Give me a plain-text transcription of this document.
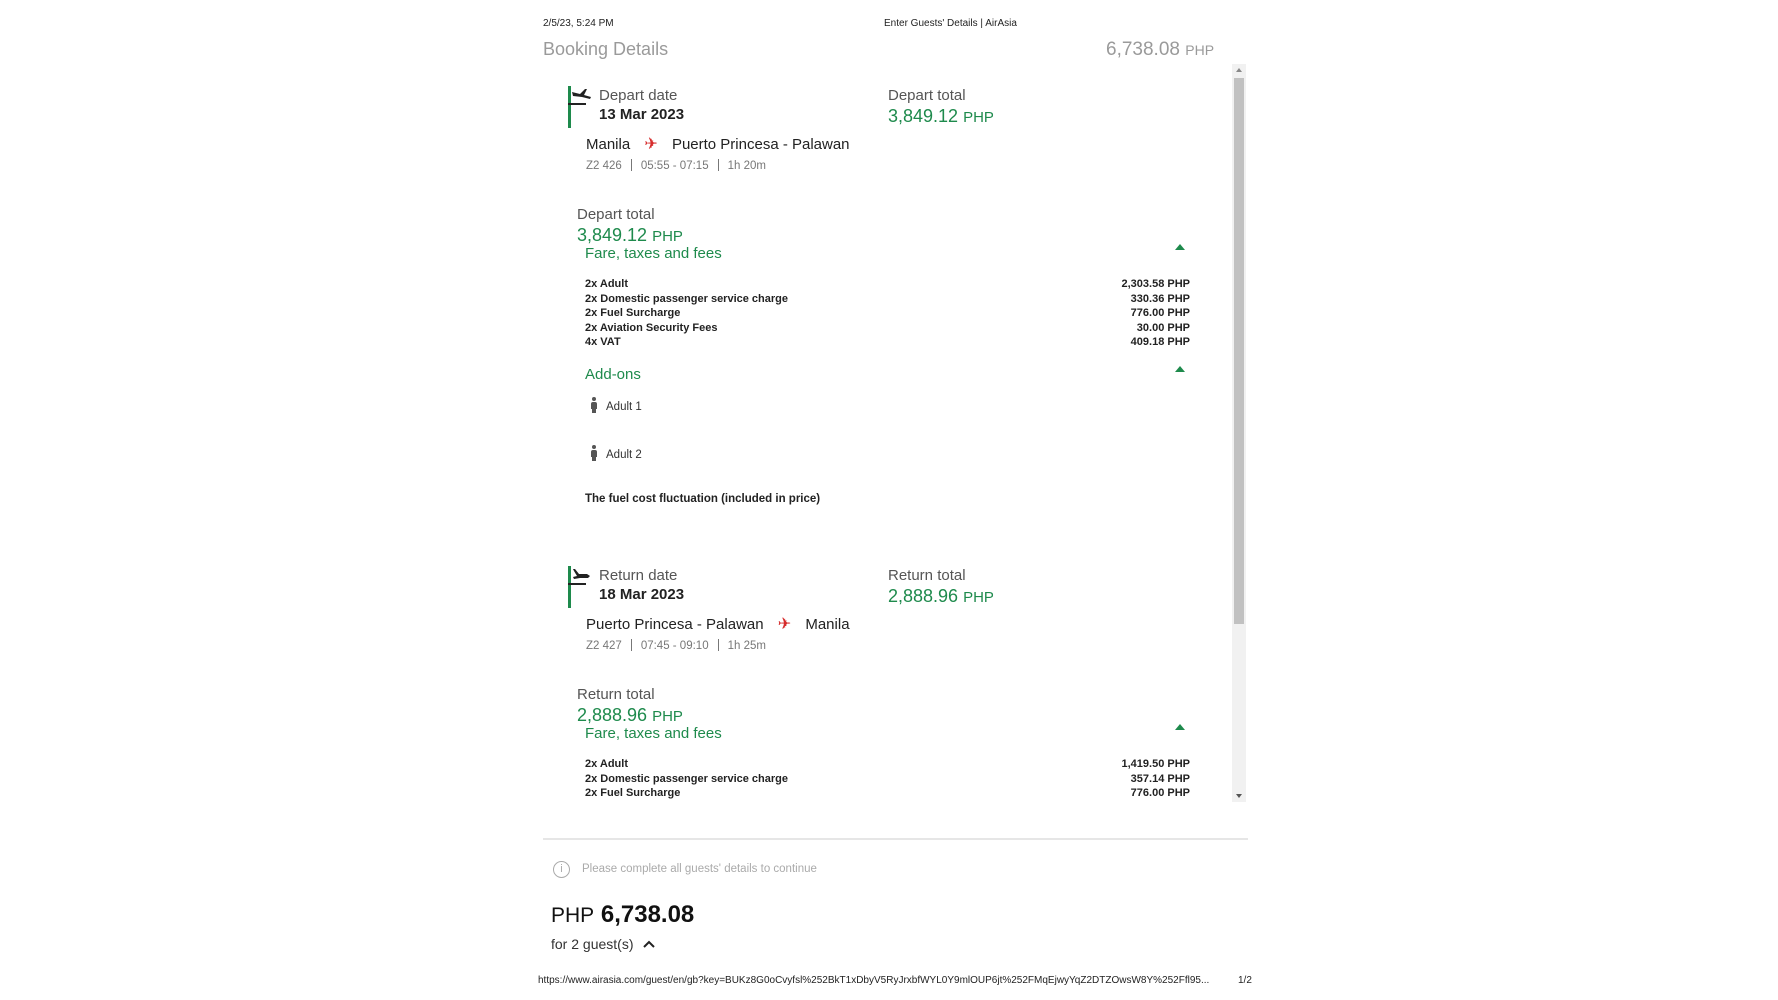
2/5/23, 5:24 PM	Enter Guests' Details | AirAsia
Booking Details	6,738.08 PHP
Depart date
13 Mar 2023
Depart total
3,849.12 PHP
Manila ✈ Puerto Princesa - Palawan
Z2 426 05:55 - 07:15 1h 20m
Depart total
3,849.12 PHP
Fare, taxes and fees
2x Adult	2,303.58 PHP
2x Domestic passenger service charge	330.36 PHP
2x Fuel Surcharge	776.00 PHP
2x Aviation Security Fees	30.00 PHP
4x VAT	409.18 PHP
Add-ons
Adult 1
Adult 2
The fuel cost fluctuation (included in price)
Return date
18 Mar 2023
Return total
2,888.96 PHP
Puerto Princesa - Palawan ✈ Manila
Z2 427 07:45 - 09:10 1h 25m
Return total
2,888.96 PHP
Fare, taxes and fees
2x Adult	1,419.50 PHP
2x Domestic passenger service charge	357.14 PHP
2x Fuel Surcharge	776.00 PHP
i	Please complete all guests' details to continue
PHP 6,738.08
for 2 guest(s)
https://www.airasia.com/guest/en/gb?key=BUKz8G0oCvyfsl%252BkT1xDbyV5RyJrxbfWYL0Y9mlOUP6jt%252FMqEjwyYqZ2DTZOwsW8Y%252Ffl95...	1/2
